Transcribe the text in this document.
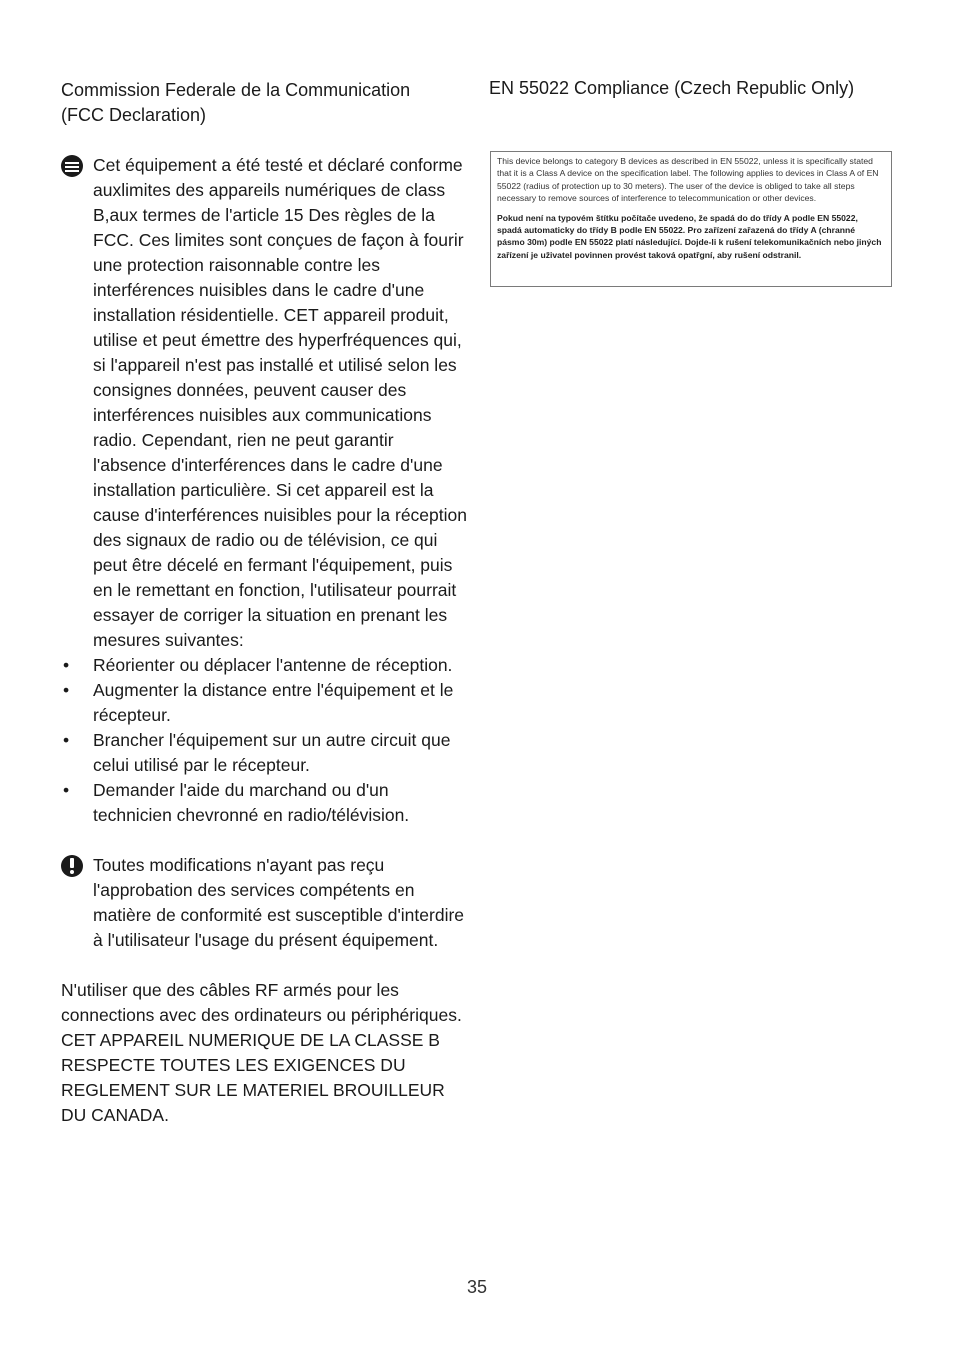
Commission Federale de la Communication
(FCC Declaration)
Cet équipement a été testé et déclaré conforme auxlimites des appareils numériques de class B,aux termes de l'article 15 Des règles de la FCC. Ces limites sont conçues de façon à fourir une protection raisonnable contre les interférences nuisibles dans le cadre d'une installation résidentielle. CET appareil produit, utilise et peut émettre des hyperfréquences qui, si l'appareil n'est pas installé et utilisé selon les consignes données, peuvent causer des interférences nuisibles aux communications radio. Cependant, rien ne peut garantir l'absence d'interférences dans le cadre d'une installation particulière. Si cet appareil est la cause d'interférences nuisibles pour la réception des signaux de radio ou de télévision, ce qui peut être décelé en fermant l'équipement, puis en le remettant en fonction, l'utilisateur pourrait essayer de corriger la situation en prenant les mesures suivantes:
• Réorienter ou déplacer l'antenne de réception.
• Augmenter la distance entre l'équipement et le récepteur.
• Brancher l'équipement sur un autre circuit que celui utilisé par le récepteur.
• Demander l'aide du marchand ou d'un technicien chevronné en radio/télévision.
Toutes modifications n'ayant pas reçu l'approbation des services compétents en matière de conformité est susceptible d'interdire à l'utilisateur l'usage du présent équipement.

N'utiliser que des câbles RF armés pour les connections avec des ordinateurs ou périphériques.

CET APPAREIL NUMERIQUE DE LA CLASSE B RESPECTE TOUTES LES EXIGENCES DU REGLEMENT SUR LE MATERIEL BROUILLEUR DU CANADA.

EN 55022 Compliance (Czech Republic Only)

This device belongs to category B devices as described in EN 55022, unless it is specifically stated that it is a Class A device on the specification label. The following applies to devices in Class A of EN 55022 (radius of protection up to 30 meters). The user of the device is obliged to take all steps necessary to remove sources of interference to telecommunication or other devices.

Pokud není na typovém štítku počítače uvedeno, že spadá do do třídy A podle EN 55022, spadá automaticky do třídy B podle EN 55022. Pro zařízení zařazená do třídy A (chranné pásmo 30m) podle EN 55022 platí následující. Dojde-li k rušení telekomunikačních nebo jiných zařízení je uživatel povinnen provést taková opatřgní, aby rušení odstranil.

35
